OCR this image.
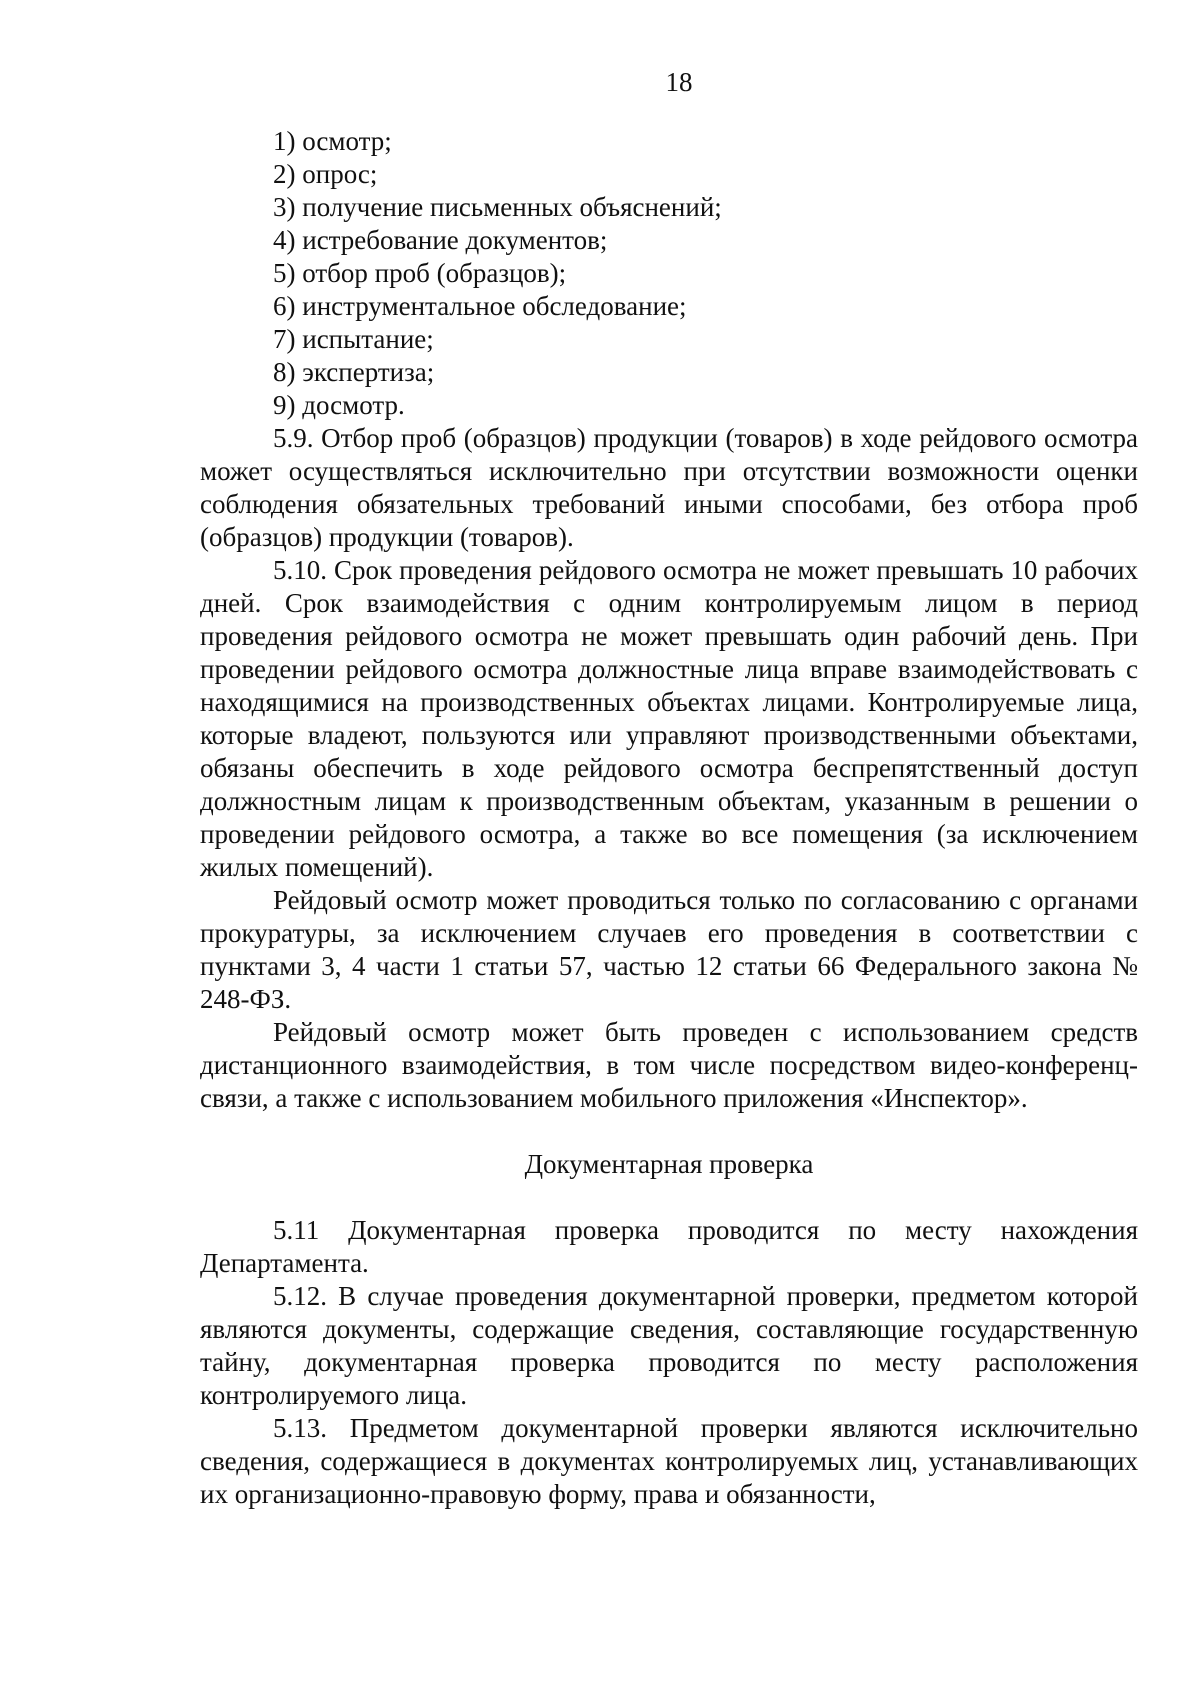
18

1) осмотр;

2) опрос;

3) получение письменных объяснений;

4) истребование документов;

5) отбор проб (образцов);

6) инструментальное обследование;

7) испытание;

8) экспертиза;

9) досмотр.

5.9. Отбор проб (образцов) продукции (товаров) в ходе рейдового осмотра может осуществляться исключительно при отсутствии возможности оценки соблюдения обязательных требований иными способами, без отбора проб (образцов) продукции (товаров).

5.10. Срок проведения рейдового осмотра не может превышать 10 рабочих дней. Срок взаимодействия с одним контролируемым лицом в период проведения рейдового осмотра не может превышать один рабочий день. При проведении рейдового осмотра должностные лица вправе взаимодействовать с находящимися на производственных объектах лицами. Контролируемые лица, которые владеют, пользуются или управляют производственными объектами, обязаны обеспечить в ходе рейдового осмотра беспрепятственный доступ должностным лицам к производственным объектам, указанным в решении о проведении рейдового осмотра, а также во все помещения (за исключением жилых помещений).

Рейдовый осмотр может проводиться только по согласованию с органами прокуратуры, за исключением случаев его проведения в соответствии с пунктами 3, 4 части 1 статьи 57, частью 12 статьи 66 Федерального закона № 248-ФЗ.

Рейдовый осмотр может быть проведен с использованием средств дистанционного взаимодействия, в том числе посредством видео-конференц-связи, а также с использованием мобильного приложения «Инспектор».

Документарная проверка

5.11 Документарная проверка проводится по месту нахождения Департамента.

5.12. В случае проведения документарной проверки, предметом которой являются документы, содержащие сведения, составляющие государственную тайну, документарная проверка проводится по месту расположения контролируемого лица.

5.13. Предметом документарной проверки являются исключительно сведения, содержащиеся в документах контролируемых лиц, устанавливающих их организационно-правовую форму, права и обязанности,
